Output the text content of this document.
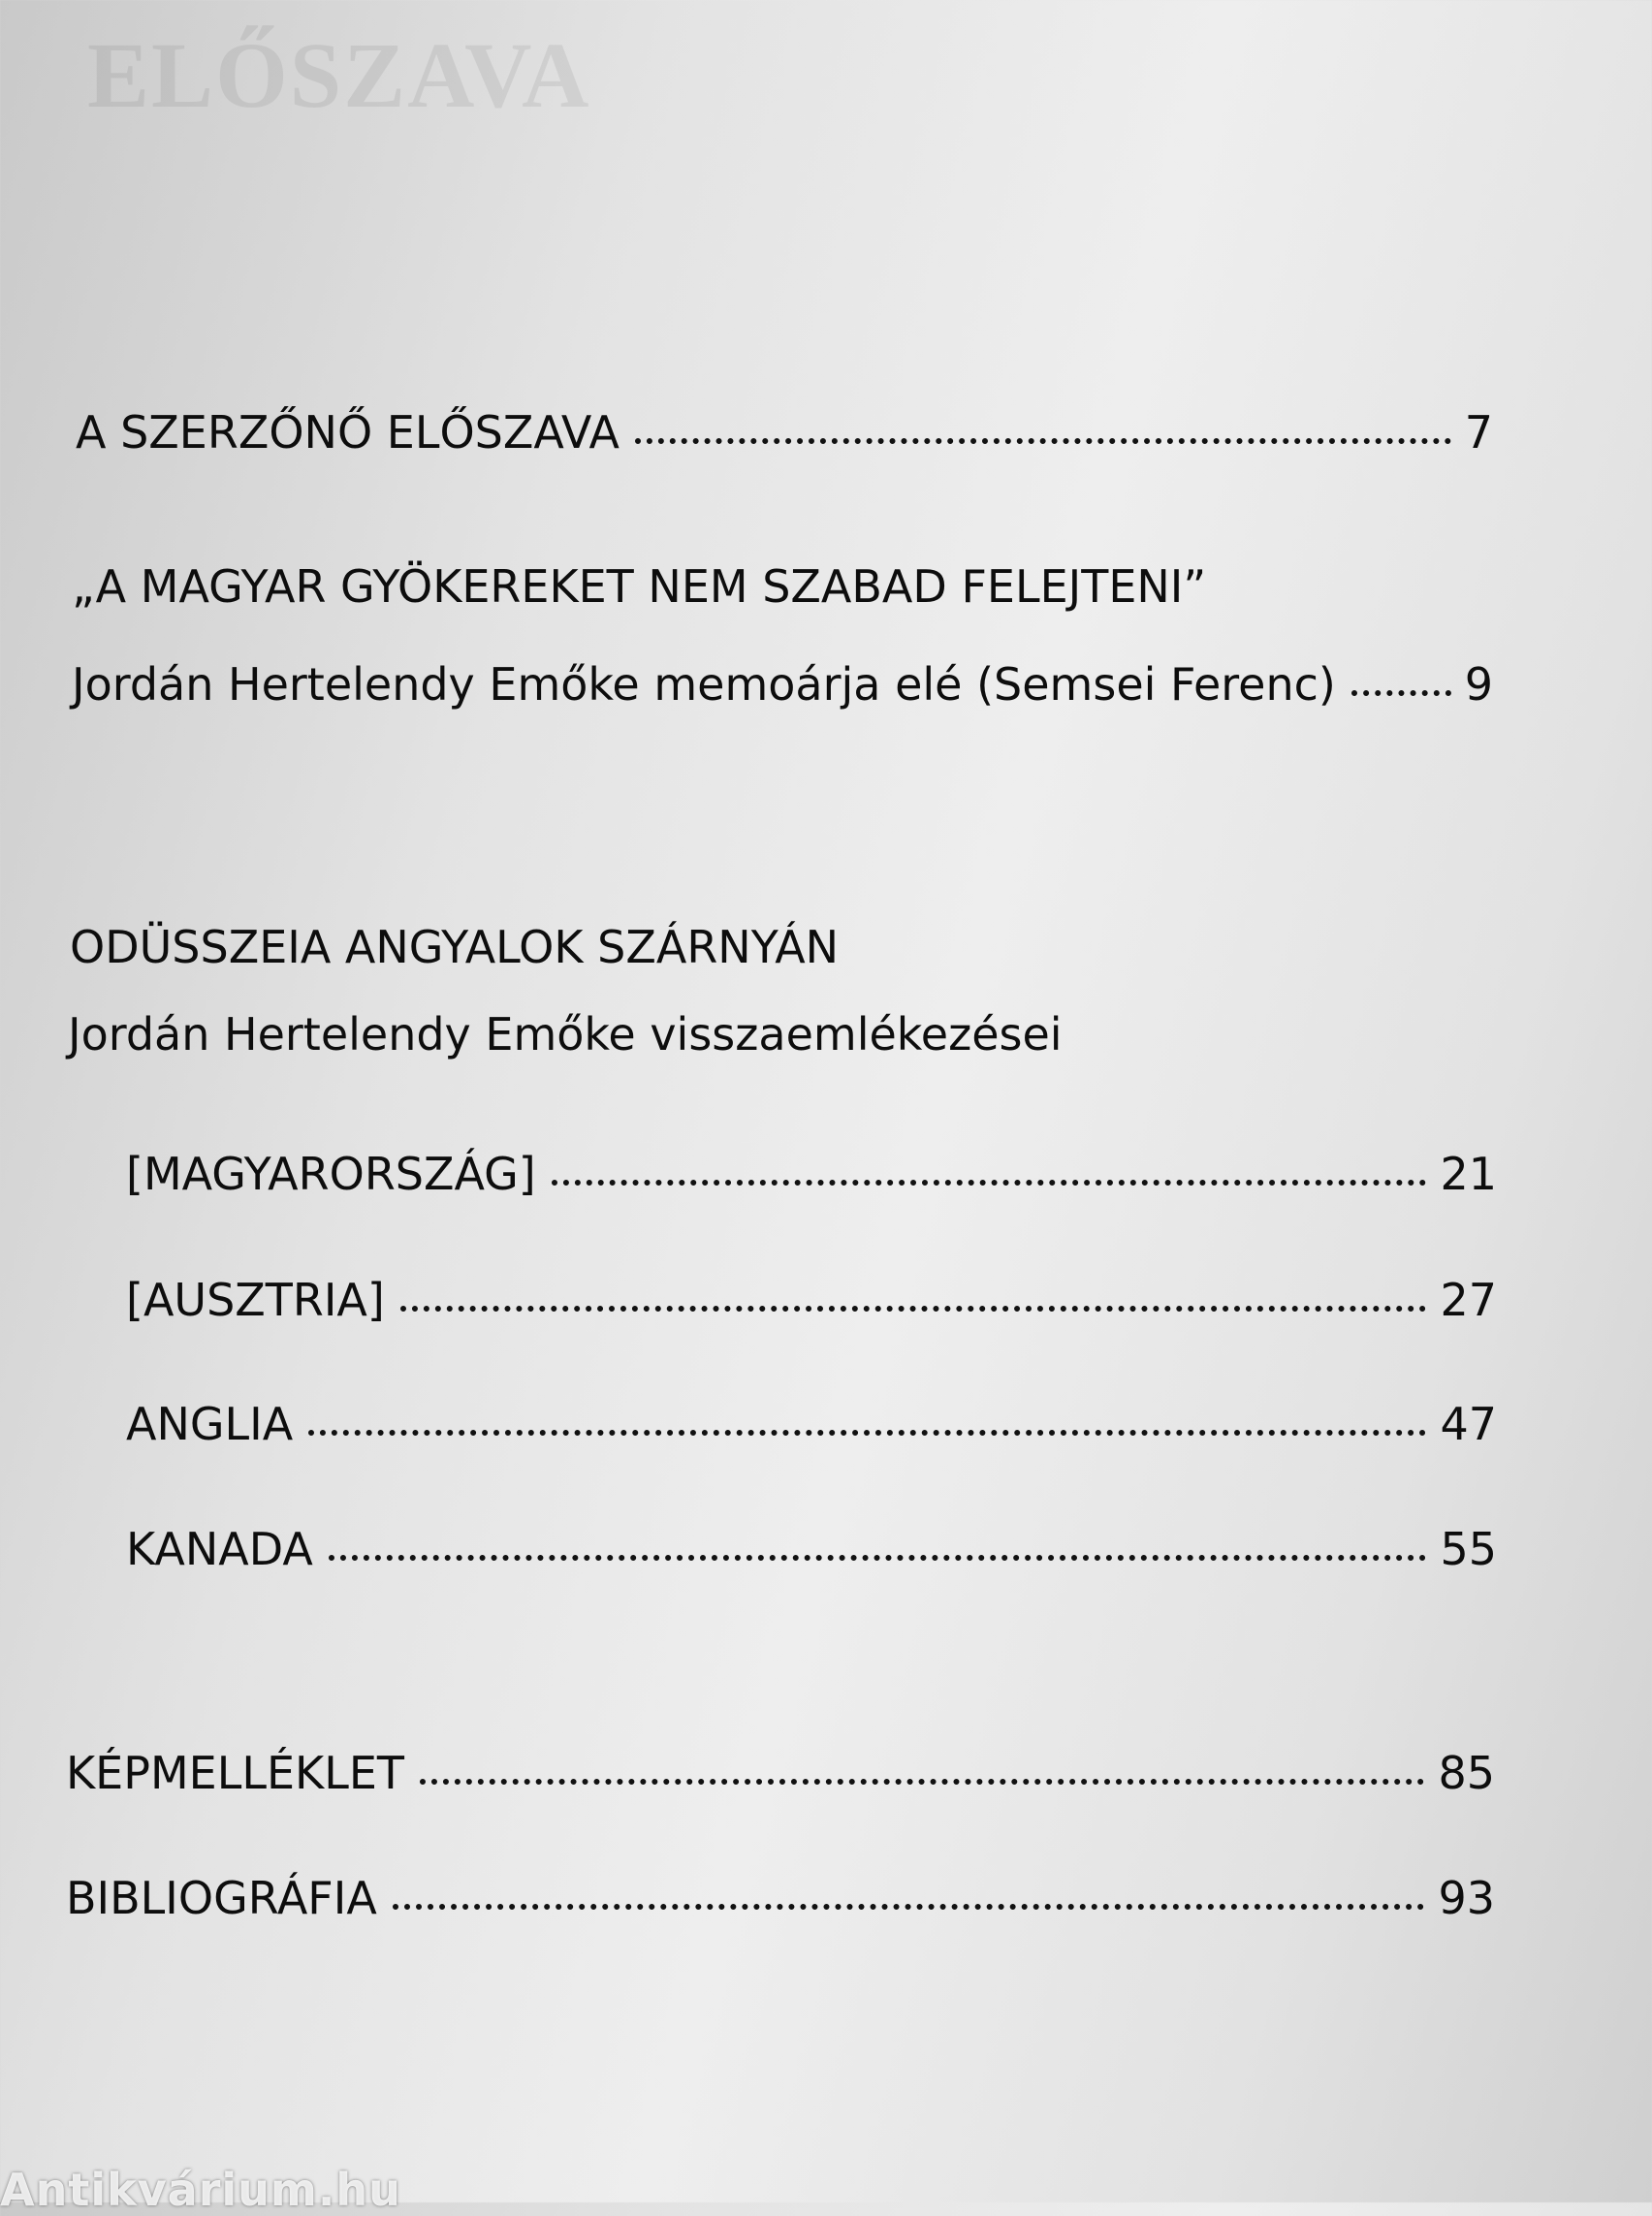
ELŐSZAVA
A SZERZŐNŐ ELŐSZAVA	7
„A MAGYAR GYÖKEREKET NEM SZABAD FELEJTENI”
Jordán Hertelendy Emőke memoárja elé (Semsei Ferenc)	9
ODÜSSZEIA ANGYALOK SZÁRNYÁN
Jordán Hertelendy Emőke visszaemlékezései
[MAGYARORSZÁG]	21
[AUSZTRIA]	27
ANGLIA	47
KANADA	55
KÉPMELLÉKLET	85
BIBLIOGRÁFIA	93
Antikvárium.hu
